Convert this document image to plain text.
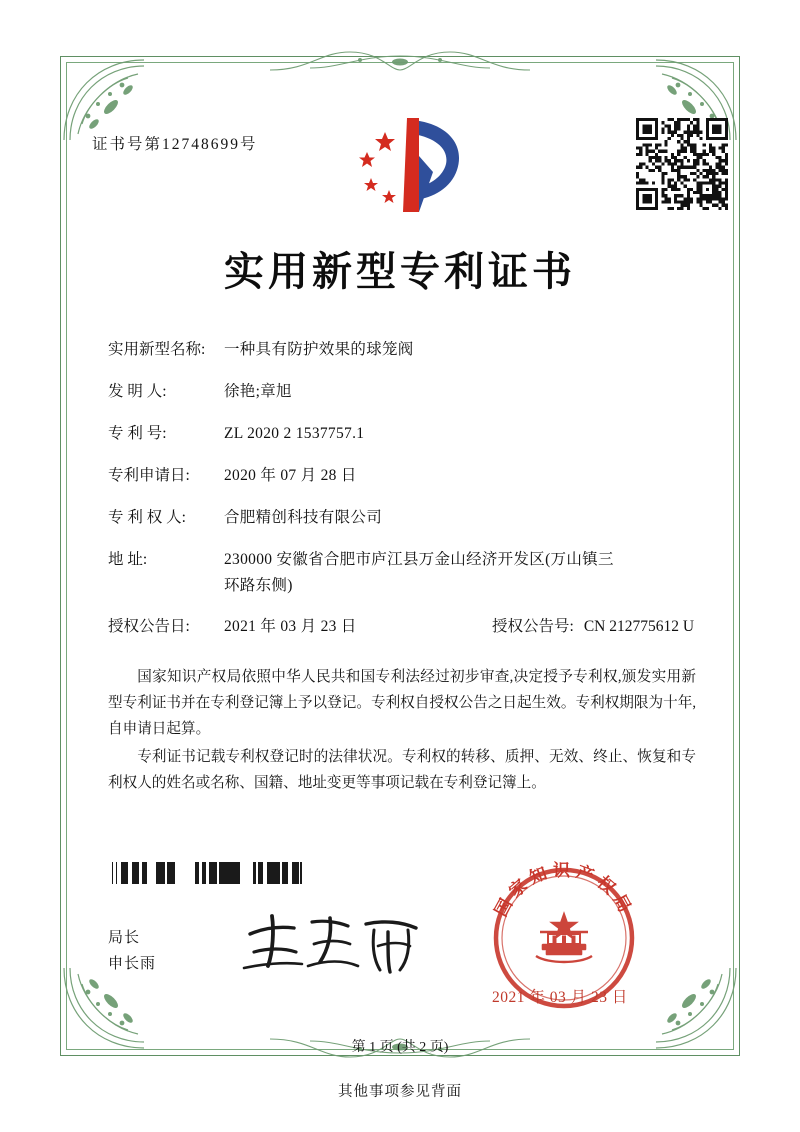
证书号第12748699号
实用新型专利证书
实用新型名称:	一种具有防护效果的球笼阀
发 明 人:	徐艳;章旭
专 利 号:	ZL 2020 2 1537757.1
专利申请日:	2020 年 07 月 28 日
专 利 权 人:	合肥精创科技有限公司
地 址:	230000 安徽省合肥市庐江县万金山经济开发区(万山镇三
环路东侧)
授权公告日:	2021 年 03 月 23 日	授权公告号: CN 212775612 U

国家知识产权局依照中华人民共和国专利法经过初步审查,决定授予专利权,颁发实用新型专利证书并在专利登记簿上予以登记。专利权自授权公告之日起生效。专利权期限为十年,自申请日起算。

专利证书记载专利权登记时的法律状况。专利权的转移、质押、无效、终止、恢复和专利权人的姓名或名称、国籍、地址变更等事项记载在专利登记簿上。

局长
申长雨
国家知识产权局
2021 年 03 月 23 日
第 1 页 (共 2 页)
其他事项参见背面
